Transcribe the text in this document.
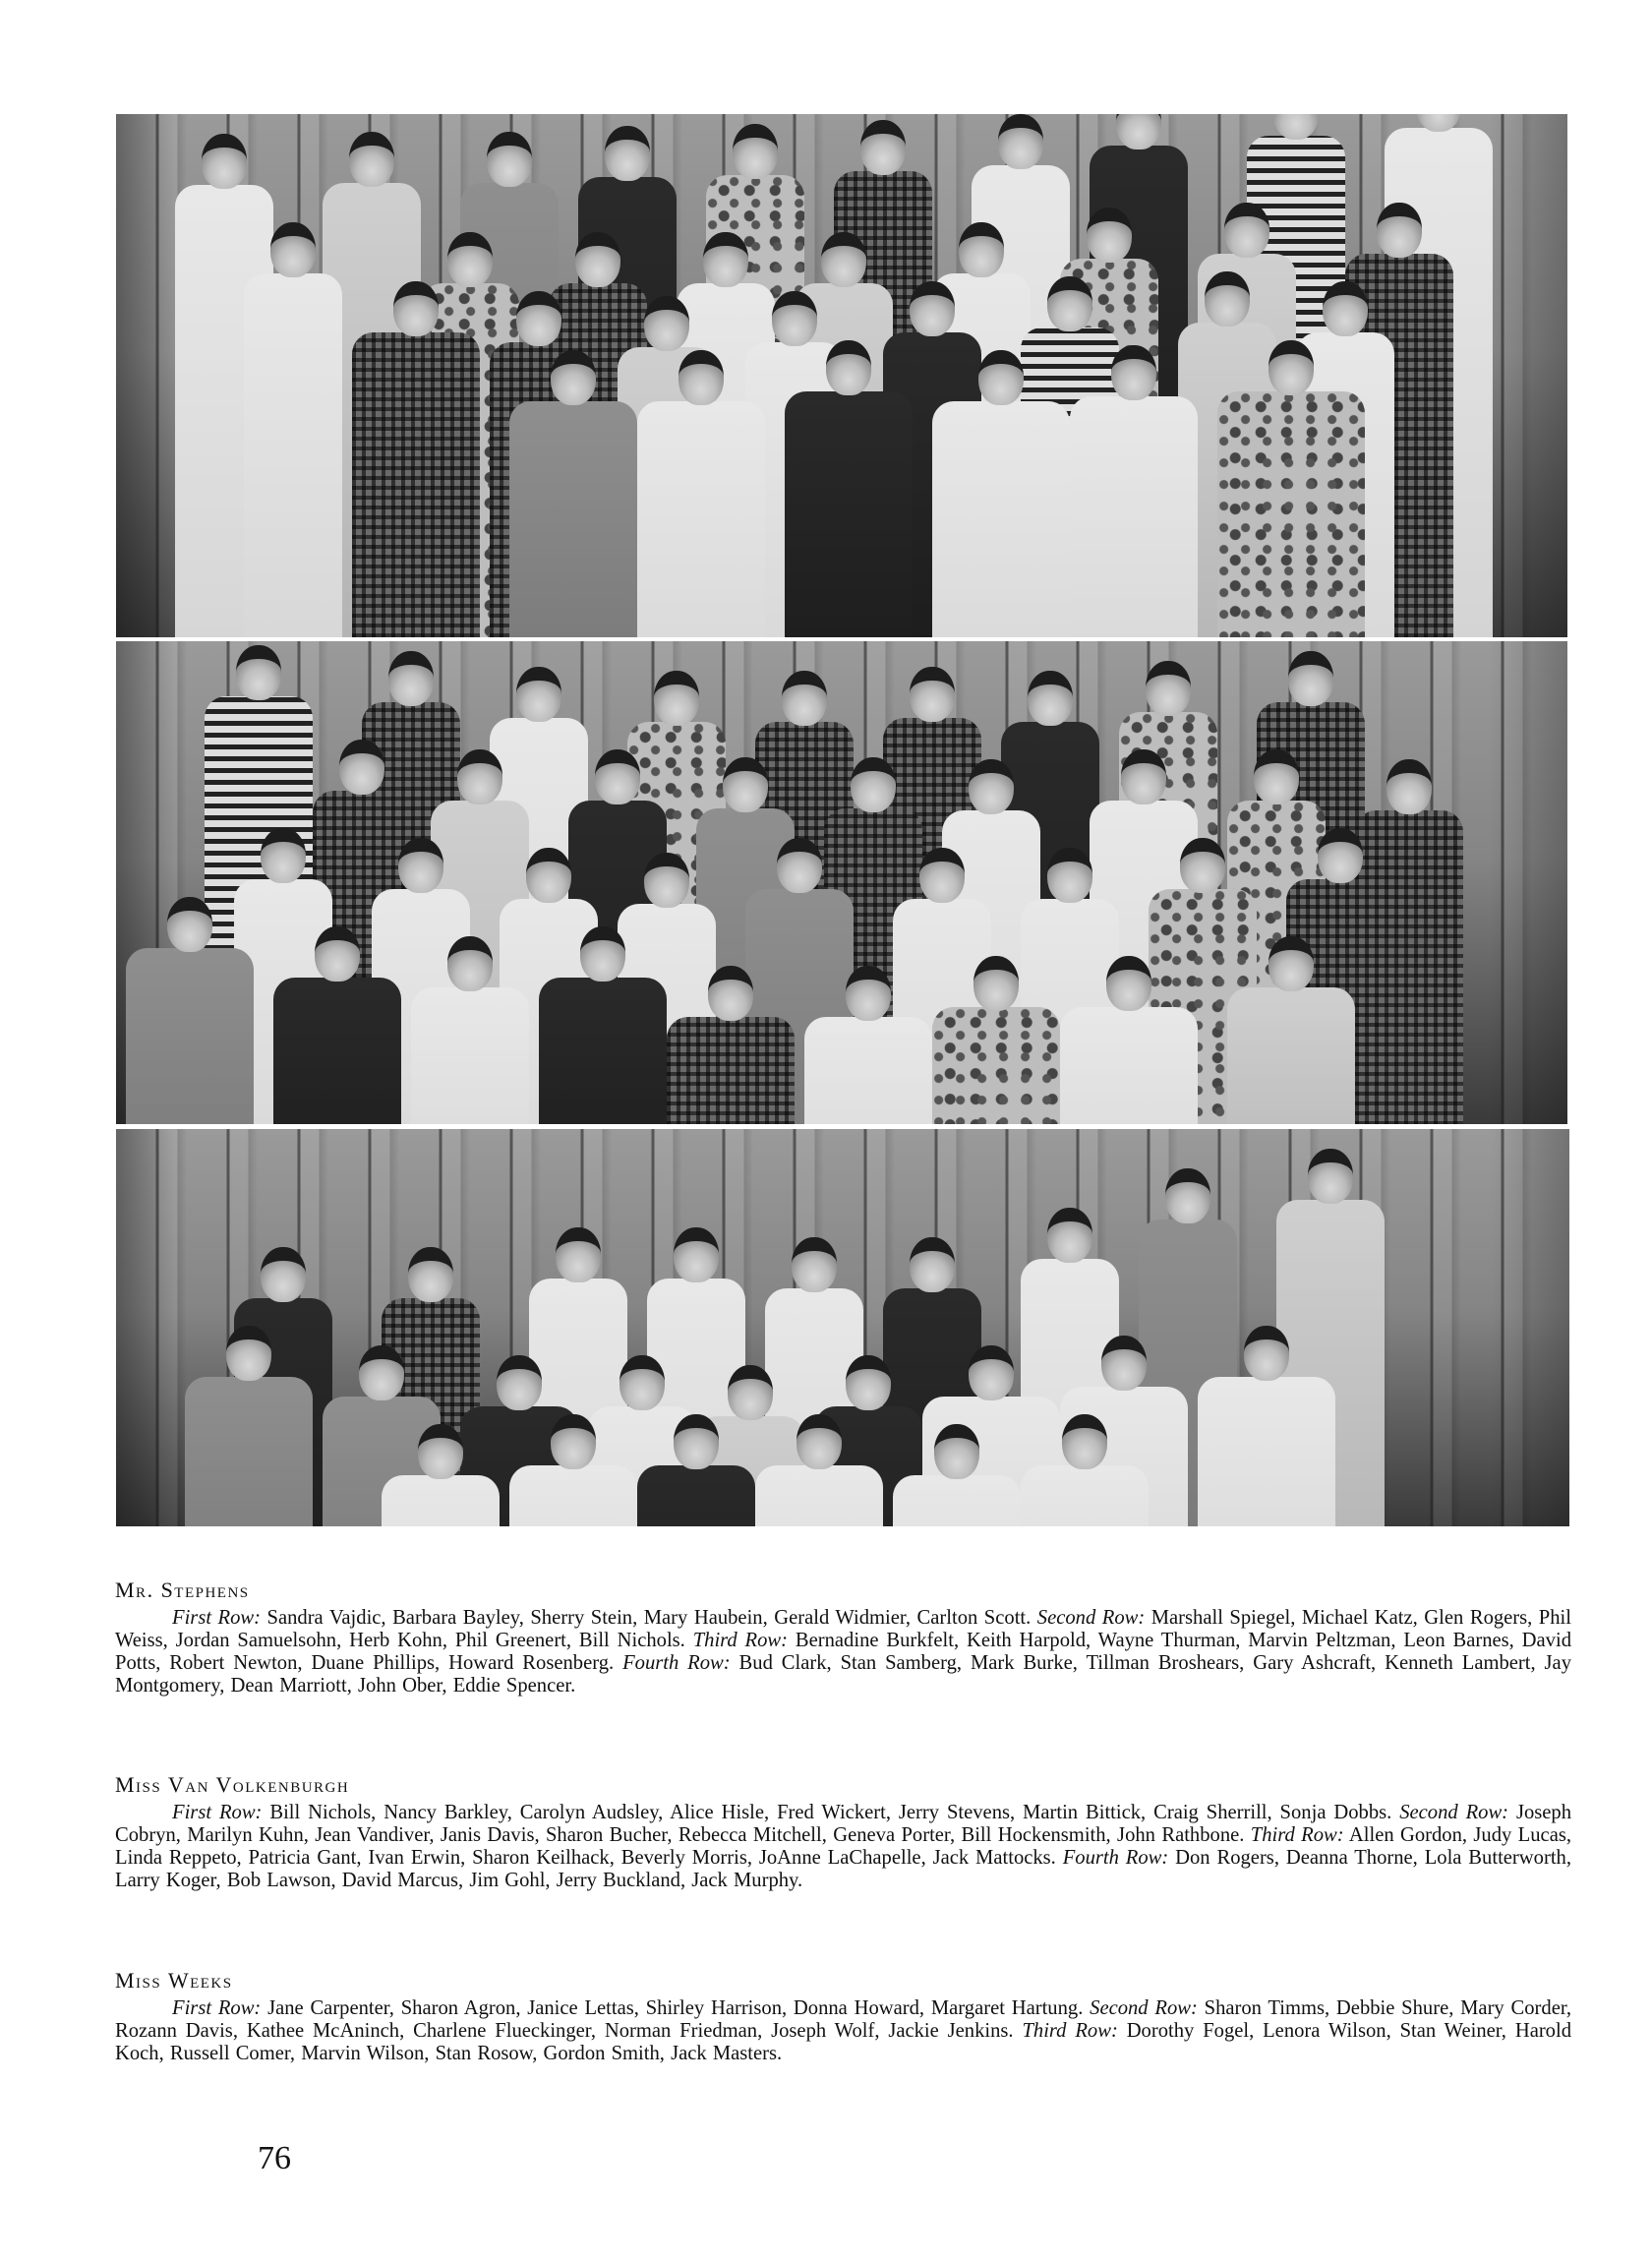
Mr. Stephens

First Row: Sandra Vajdic, Barbara Bayley, Sherry Stein, Mary Haubein, Gerald Widmier, Carlton Scott. Second Row: Marshall Spiegel, Michael Katz, Glen Rogers, Phil Weiss, Jordan Samuelsohn, Herb Kohn, Phil Greenert, Bill Nichols. Third Row: Bernadine Burkfelt, Keith Harpold, Wayne Thurman, Marvin Peltzman, Leon Barnes, David Potts, Robert Newton, Duane Phillips, Howard Rosenberg. Fourth Row: Bud Clark, Stan Samberg, Mark Burke, Tillman Broshears, Gary Ashcraft, Kenneth Lambert, Jay Montgomery, Dean Marriott, John Ober, Eddie Spencer.

Miss Van Volkenburgh

First Row: Bill Nichols, Nancy Barkley, Carolyn Audsley, Alice Hisle, Fred Wickert, Jerry Stevens, Martin Bittick, Craig Sherrill, Sonja Dobbs. Second Row: Joseph Cobryn, Marilyn Kuhn, Jean Vandiver, Janis Davis, Sharon Bucher, Rebecca Mitchell, Geneva Porter, Bill Hockensmith, John Rathbone. Third Row: Allen Gordon, Judy Lucas, Linda Reppeto, Patricia Gant, Ivan Erwin, Sharon Keilhack, Beverly Morris, JoAnne LaChapelle, Jack Mattocks. Fourth Row: Don Rogers, Deanna Thorne, Lola Butterworth, Larry Koger, Bob Lawson, David Marcus, Jim Gohl, Jerry Buckland, Jack Murphy.

Miss Weeks

First Row: Jane Carpenter, Sharon Agron, Janice Lettas, Shirley Harrison, Donna Howard, Margaret Hartung. Second Row: Sharon Timms, Debbie Shure, Mary Corder, Rozann Davis, Kathee McAninch, Charlene Flueckinger, Norman Friedman, Joseph Wolf, Jackie Jenkins. Third Row: Dorothy Fogel, Lenora Wilson, Stan Weiner, Harold Koch, Russell Comer, Marvin Wilson, Stan Rosow, Gordon Smith, Jack Masters.

76
